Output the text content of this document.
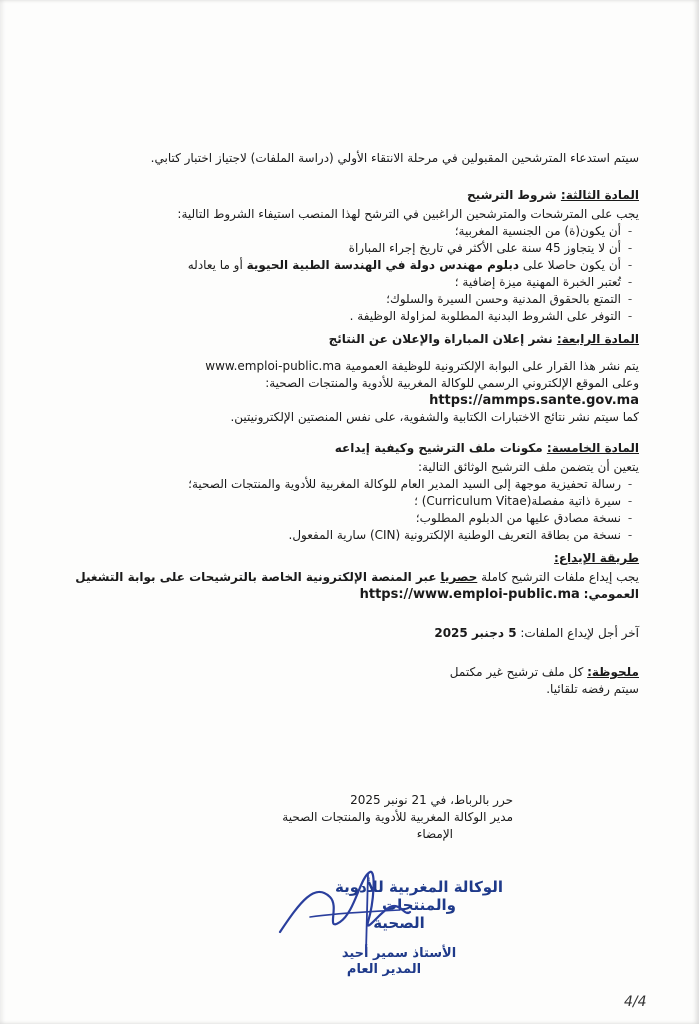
سيتم استدعاء المترشحين المقبولين في مرحلة الانتقاء الأولي (دراسة الملفات) لاجتياز اختبار كتابي.

المادة الثالثة: شروط الترشيح

يجب على المترشحات والمترشحين الراغبين في الترشح لهذا المنصب استيفاء الشروط التالية:

-
أن يكون(ة) من الجنسية المغربية؛
-
أن لا يتجاوز 45 سنة على الأكثر في تاريخ إجراء المباراة
-
أن يكون حاصلا على دبلوم مهندس دولة في الهندسة الطبية الحيوية أو ما يعادله
-
تُعتبر الخبرة المهنية ميزة إضافية ؛
-
التمتع بالحقوق المدنية وحسن السيرة والسلوك؛
-
التوفر على الشروط البدنية المطلوبة لمزاولة الوظيفة .

المادة الرابعة: نشر إعلان المباراة والإعلان عن النتائج

يتم نشر هذا القرار على البوابة الإلكترونية للوظيفة العمومية www.emploi-public.ma

وعلى الموقع الإلكتروني الرسمي للوكالة المغربية للأدوية والمنتجات الصحية:

https://ammps.sante.gov.ma

كما سيتم نشر نتائج الاختبارات الكتابية والشفوية، على نفس المنصتين الإلكترونيتين.

المادة الخامسة: مكونات ملف الترشيح وكيفية إيداعه

يتعين أن يتضمن ملف الترشيح الوثائق التالية:

-
رسالة تحفيزية موجهة إلى السيد المدير العام للوكالة المغربية للأدوية والمنتجات الصحية؛
-
سيرة ذاتية مفصلة(Curriculum Vitae) ؛
-
نسخة مصادق عليها من الدبلوم المطلوب؛
-
نسخة من بطاقة التعريف الوطنية الإلكترونية (CIN) سارية المفعول.

طريقة الإيداع:

يجب إيداع ملفات الترشيح كاملة حصريا عبر المنصة الإلكترونية الخاصة بالترشيحات على بوابة التشغيل

العمومي: https://www.emploi-public.ma

آخر أجل لإيداع الملفات: 5 دجنبر 2025

ملحوظة: كل ملف ترشيح غير مكتمل

سيتم رفضه تلقائيا.

حرر بالرباط، في 21 نونبر 2025

مدير الوكالة المغربية للأدوية والمنتجات الصحية

الإمضاء

الوكالة المغربية للأدوية والمنتجات
الصحية
الأستاذ سمير أحيد
المدير العام
4/4
